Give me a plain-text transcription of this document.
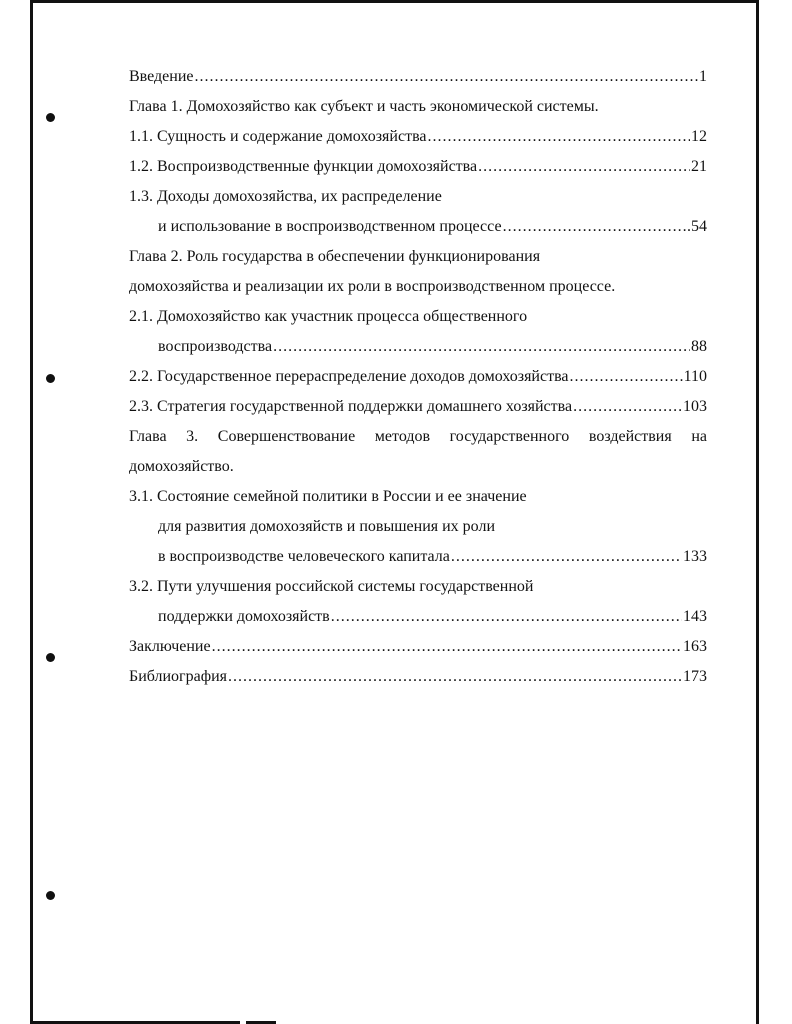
Введение .....	1
Глава 1. Домохозяйство как субъект и часть экономической системы.
1.1. Сущность и содержание домохозяйства .....	12
1.2. Воспроизводственные функции домохозяйства .....	21
1.3. Доходы домохозяйства, их распределение
и использование в воспроизводственном процессе .....	.54
Глава 2. Роль государства в обеспечении функционирования
домохозяйства и реализации их роли в воспроизводственном процессе.
2.1. Домохозяйство как участник процесса общественного
воспроизводства .....	88
2.2. Государственное перераспределение доходов домохозяйства .....	110
2.3. Стратегия государственной поддержки домашнего хозяйства .....	103
Глава 3. Совершенствование методов государственного воздействия на
домохозяйство.
3.1. Состояние семейной политики в России и ее значение
для развития домохозяйств и повышения их роли
в воспроизводстве человеческого капитала .....	133
3.2. Пути улучшения российской системы государственной
поддержки домохозяйств .....	143
Заключение .....	163
Библиография .....	173
